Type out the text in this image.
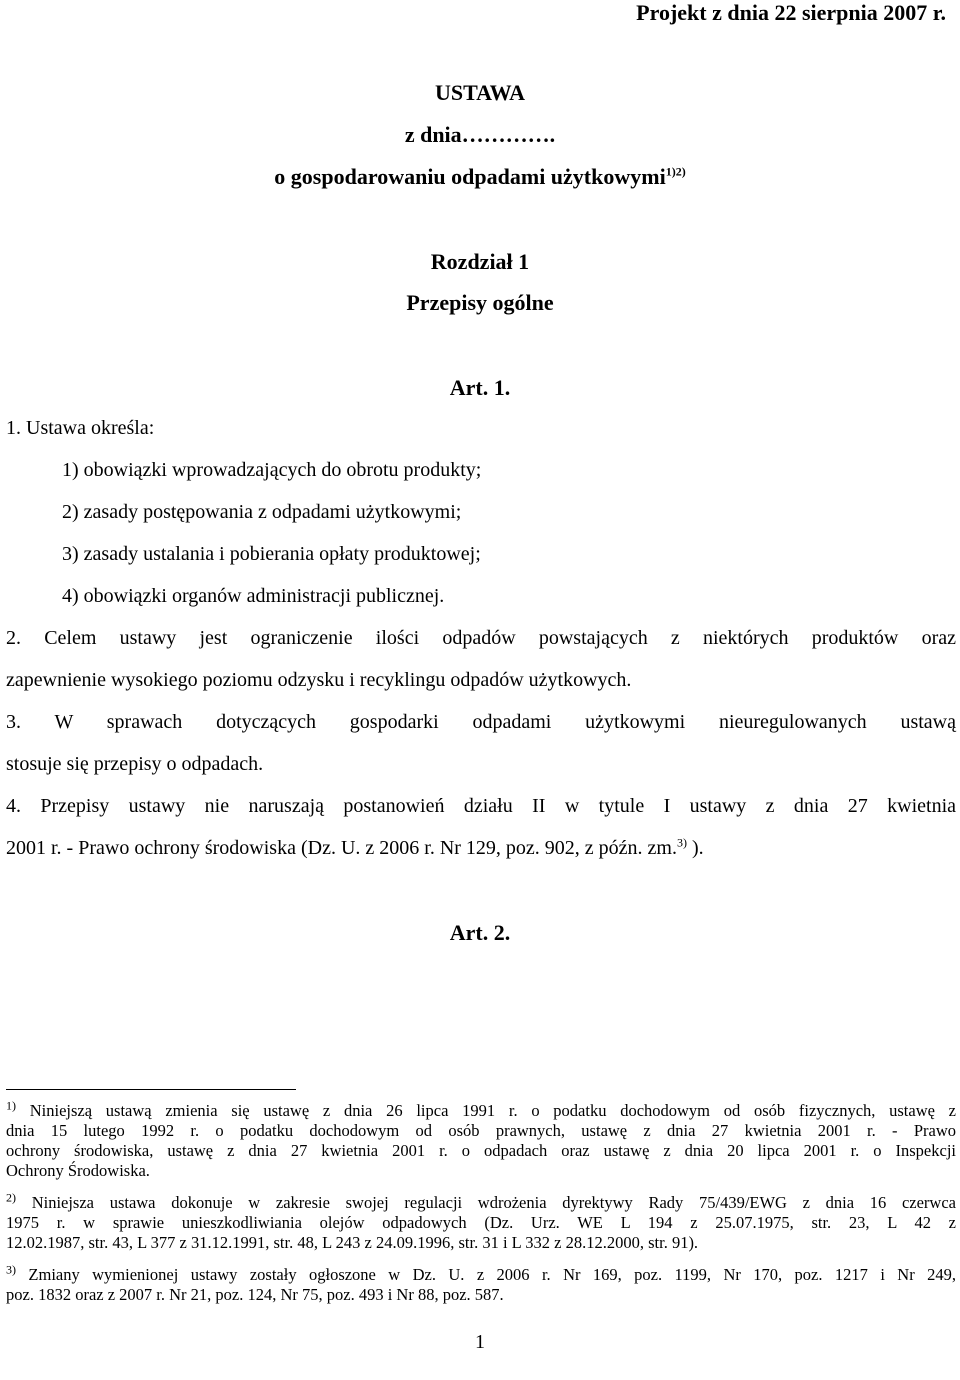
Projekt z dnia 22 sierpnia 2007 r.
USTAWA
z dnia………….
o gospodarowaniu odpadami użytkowymi$^{1)2)}$
Rozdział 1
Przepisy ogólne
Art. 1.
1. Ustawa określa:
1) obowiązki wprowadzających do obrotu produkty;
2) zasady postępowania z odpadami użytkowymi;
3) zasady ustalania i pobierania opłaty produktowej;
4) obowiązki organów administracji publicznej.
2. Celem ustawy jest ograniczenie ilości odpadów powstających z niektórych produktów oraz
zapewnienie wysokiego poziomu odzysku i recyklingu odpadów użytkowych.
3. W sprawach dotyczących gospodarki odpadami użytkowymi nieuregulowanych ustawą
stosuje się przepisy o odpadach.
4. Przepisy ustawy nie naruszają postanowień działu II w tytule I ustawy z dnia 27 kwietnia
2001 r. - Prawo ochrony środowiska (Dz. U. z 2006 r. Nr 129, poz. 902, z późn. zm.$^{3)}$ ).
Art. 2.
$^{1)}$ Niniejszą ustawą zmienia się ustawę z dnia 26 lipca 1991 r. o podatku dochodowym od osób fizycznych, ustawę z
dnia 15 lutego 1992 r. o podatku dochodowym od osób prawnych, ustawę z dnia 27 kwietnia 2001 r. - Prawo
ochrony środowiska, ustawę z dnia 27 kwietnia 2001 r. o odpadach oraz ustawę z dnia 20 lipca 2001 r. o Inspekcji
Ochrony Środowiska.
$^{2)}$ Niniejsza ustawa dokonuje w zakresie swojej regulacji wdrożenia dyrektywy Rady 75/439/EWG z dnia 16 czerwca
1975 r. w sprawie unieszkodliwiania olejów odpadowych (Dz. Urz. WE L 194 z 25.07.1975, str. 23, L 42 z
12.02.1987, str. 43, L 377 z 31.12.1991, str. 48, L 243 z 24.09.1996, str. 31 i L 332 z 28.12.2000, str. 91).
$^{3)}$ Zmiany wymienionej ustawy zostały ogłoszone w Dz. U. z 2006 r. Nr 169, poz. 1199, Nr 170, poz. 1217 i Nr 249,
poz. 1832 oraz z 2007 r. Nr 21, poz. 124, Nr 75, poz. 493 i Nr 88, poz. 587.
1
